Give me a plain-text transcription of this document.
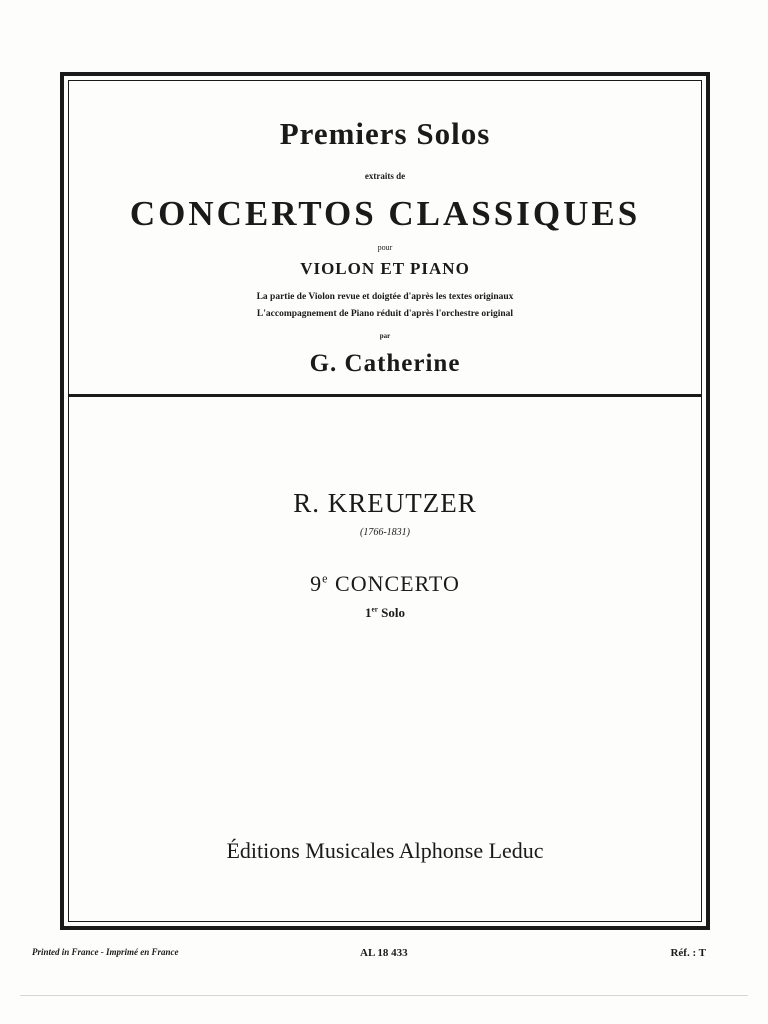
Premiers Solos

extraits de

CONCERTOS CLASSIQUES

pour

VIOLON ET PIANO

La partie de Violon revue et doigtée d'après les textes originaux

L'accompagnement de Piano réduit d'après l'orchestre original

par

G. Catherine

R. KREUTZER

(1766-1831)

9e CONCERTO

1er Solo

Éditions Musicales Alphonse Leduc

Printed in France - Imprimé en France	AL 18 433	Réf. : T
